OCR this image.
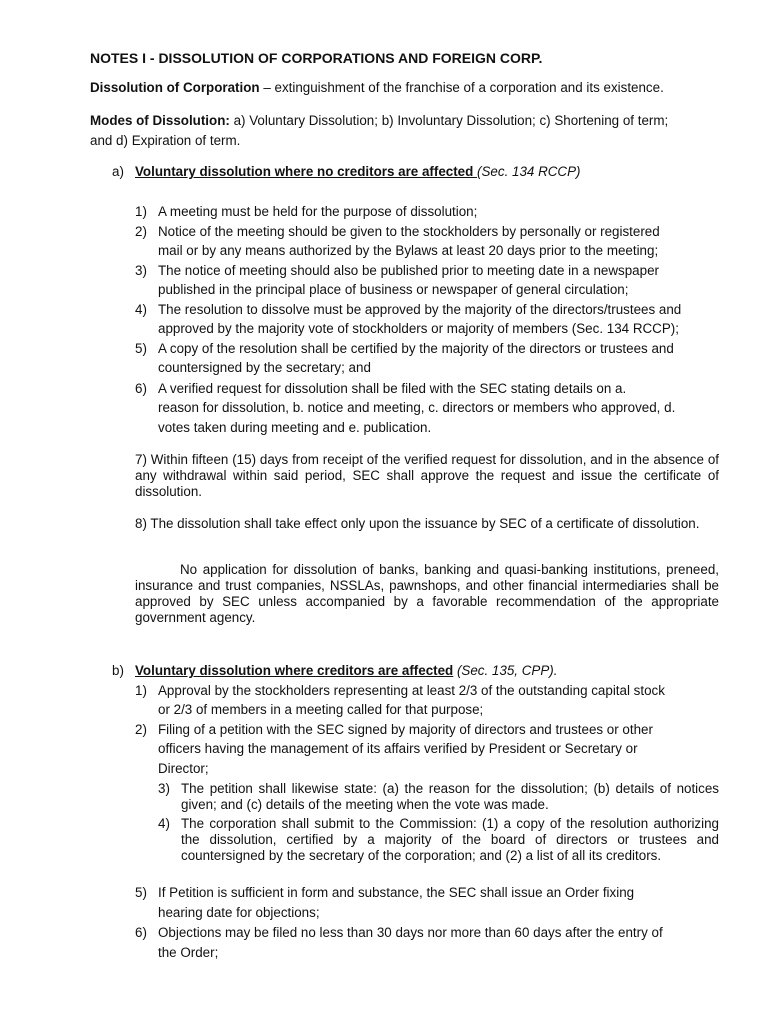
NOTES I - DISSOLUTION OF CORPORATIONS AND FOREIGN CORP.
Dissolution of Corporation – extinguishment of the franchise of a corporation and its existence.
Modes of Dissolution: a) Voluntary Dissolution; b) Involuntary Dissolution; c) Shortening of term;
and d) Expiration of term.
a) Voluntary dissolution where no creditors are affected (Sec. 134 RCCP)
1) A meeting must be held for the purpose of dissolution;
2) Notice of the meeting should be given to the stockholders by personally or registered
mail or by any means authorized by the Bylaws at least 20 days prior to the meeting;
3) The notice of meeting should also be published prior to meeting date in a newspaper
published in the principal place of business or newspaper of general circulation;
4) The resolution to dissolve must be approved by the majority of the directors/trustees and
approved by the majority vote of stockholders or majority of members (Sec. 134 RCCP);
5) A copy of the resolution shall be certified by the majority of the directors or trustees and
countersigned by the secretary; and
6) A verified request for dissolution shall be filed with the SEC stating details on a.
reason for dissolution, b. notice and meeting, c. directors or members who approved, d.
votes taken during meeting and e. publication.
7) Within fifteen (15) days from receipt of the verified request for dissolution, and in the absence of any withdrawal within said period, SEC shall approve the request and issue the certificate of dissolution.
8) The dissolution shall take effect only upon the issuance by SEC of a certificate of dissolution.
No application for dissolution of banks, banking and quasi-banking institutions, preneed, insurance and trust companies, NSSLAs, pawnshops, and other financial intermediaries shall be approved by SEC unless accompanied by a favorable recommendation of the appropriate government agency.
b) Voluntary dissolution where creditors are affected (Sec. 135, CPP).
1) Approval by the stockholders representing at least 2/3 of the outstanding capital stock
or 2/3 of members in a meeting called for that purpose;
2) Filing of a petition with the SEC signed by majority of directors and trustees or other
officers having the management of its affairs verified by President or Secretary or
Director;
3) The petition shall likewise state: (a) the reason for the dissolution; (b) details of notices given; and (c) details of the meeting when the vote was made.
4) The corporation shall submit to the Commission: (1) a copy of the resolution authorizing the dissolution, certified by a majority of the board of directors or trustees and countersigned by the secretary of the corporation; and (2) a list of all its creditors.
5) If Petition is sufficient in form and substance, the SEC shall issue an Order fixing
hearing date for objections;
6) Objections may be filed no less than 30 days nor more than 60 days after the entry of
the Order;
